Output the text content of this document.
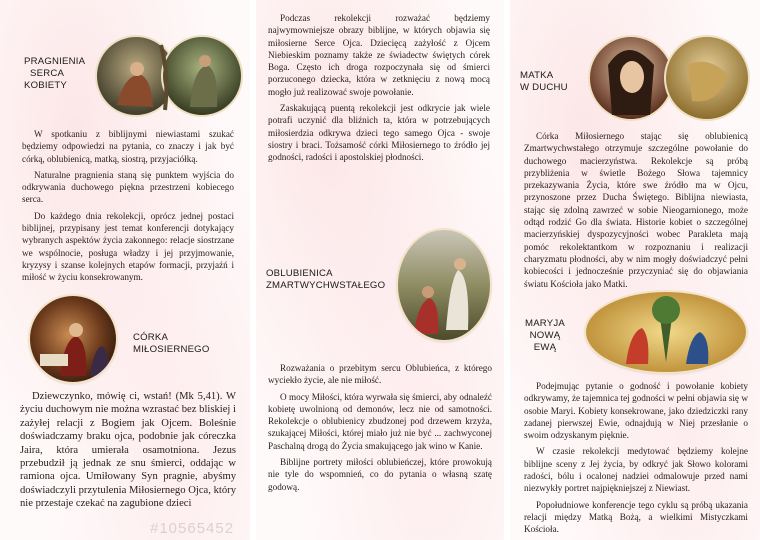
PRAGNIENIA
SERCA
KOBIETY

W spotkaniu z biblijnymi niewiastami szukać będziemy odpowiedzi na pytania, co znaczy i jak być córką, oblubienicą, matką, siostrą, przyjaciółką.

Naturalne pragnienia staną się punktem wyjścia do odkrywania duchowego piękna przestrzeni kobiecego serca.

Do każdego dnia rekolekcji, oprócz jednej postaci biblijnej, przypisany jest temat konferencji dotykający wybranych aspektów życia zakonnego: relacje siostrzane we wspólnocie, posługa władzy i jej przyjmowanie, kryzysy i szanse kolejnych etapów formacji, przyjaźń i miłość w życiu konsekrowanym.

CÓRKA
MIŁOSIERNEGO

Dziewczynko, mówię ci, wstań! (Mk 5,41). W życiu duchowym nie można wzrastać bez bliskiej i zażyłej relacji z Bogiem jak Ojcem. Boleśnie doświadczamy braku ojca, podobnie jak córeczka Jaira, która umierała osamotniona. Jezus przebudził ją jednak ze snu śmierci, oddając w ramiona ojca. Umiłowany Syn pragnie, abyśmy doświadczyli przytulenia Miłosiernego Ojca, który nie przestaje czekać na zagubione dzieci

Podczas rekolekcji rozważać będziemy najwymowniejsze obrazy biblijne, w których objawia się miłosierne Serce Ojca. Dziecięcą zażyłość z Ojcem Niebieskim poznamy także ze świadectw świętych córek Boga. Często ich droga rozpoczynała się od śmierci porzuconego dziecka, która w zetknięciu z nową mocą mogło już realizować swoje powołanie.

Zaskakującą puentą rekolekcji jest odkrycie jak wiele potrafi uczynić dla bliźnich ta, która w potrzebujących miłosierdzia odkrywa dzieci tego samego Ojca - swoje siostry i braci. Tożsamość córki Miłosiernego to źródło jej godności, radości i apostolskiej płodności.

OBLUBIENICA
ZMARTWYCHWSTAŁEGO

Rozważania o przebitym sercu Oblubieńca, z którego wyciekło życie, ale nie miłość.

O mocy Miłości, która wyrwała się śmierci, aby odnaleźć kobietę uwolnioną od demonów, lecz nie od samotności. Rekolekcje o oblubienicy zbudzonej pod drzewem krzyża, szukającej Miłości, której miało już nie być ... zachwyconej Paschalną drogą do Życia smakującego jak wino w Kanie.

Biblijne portrety miłości oblubieńczej, które prowokują nie tyle do wspomnień, co do pytania o własną szatę godową.

MATKA
W DUCHU

Córka Miłosiernego stając się oblubienicą Zmartwychwstałego otrzymuje szczególne powołanie do duchowego macierzyństwa. Rekolekcje są próbą przybliżenia w świetle Bożego Słowa tajemnicy przekazywania Życia, które swe źródło ma w Ojcu, przynoszone przez Ducha Świętego. Biblijna niewiasta, stając się zdolną zawrzeć w sobie Nieogarnionego, może odtąd rodzić Go dla świata. Historie kobiet o szczególnej macierzyńskiej dyspozycyjności wobec Parakleta mają pomóc rekolektantkom w rozpoznaniu i realizacji charyzmatu płodności, aby w nim mogły doświadczyć pełni kobiecości i jednocześnie przyczyniać się do objawiania światu Kościoła jako Matki.

MARYJA
NOWĄ
EWĄ

Podejmując pytanie o godność i powołanie kobiety odkrywamy, że tajemnica tej godności w pełni objawia się w osobie Maryi. Kobiety konsekrowane, jako dziedziczki rany zadanej pierwszej Ewie, odnajdują w Niej przesłanie o swoim odzyskanym pięknie.

W czasie rekolekcji medytować będziemy kolejne biblijne sceny z Jej życia, by odkryć jak Słowo kolorami radości, bólu i ocalonej nadziei odmalowuje przed nami niezwykły portret najpiękniejszej z Niewiast.

Popołudniowe konferencje tego cyklu są próbą ukazania relacji między Matką Bożą, a wielkimi Mistyczkami Kościoła.

#10565452
